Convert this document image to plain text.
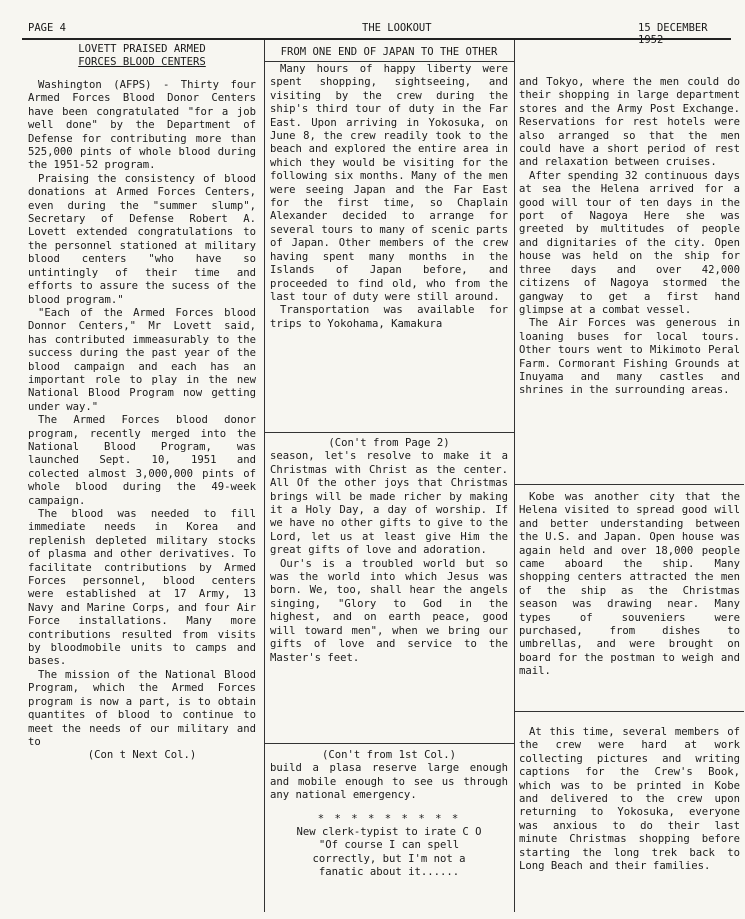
PAGE 4	THE LOOKOUT	15 DECEMBER 1952
LOVETT PRAISED ARMED
FORCES BLOOD CENTERS

Washington (AFPS) - Thirty four Armed Forces Blood Donor Centers have been congratulated "for a job well done" by the Department of Defense for contributing more than 525,000 pints of whole blood during the 1951-52 program.

Praising the consistency of blood donations at Armed Forces Centers, even during the "summer slump", Secretary of Defense Robert A. Lovett extended congratulations to the personnel stationed at military blood centers "who have so untintingly of their time and efforts to assure the sucess of the blood program."

"Each of the Armed Forces blood Donnor Centers," Mr Lovett said, has contributed immeasurably to the success during the past year of the blood campaign and each has an important role to play in the new National Blood Program now getting under way."

The Armed Forces blood donor program, recently merged into the National Blood Program, was launched Sept. 10, 1951 and colected almost 3,000,000 pints of whole blood during the 49-week campaign.

The blood was needed to fill immediate needs in Korea and replenish depleted military stocks of plasma and other derivatives. To facilitate contributions by Armed Forces personnel, blood centers were established at 17 Army, 13 Navy and Marine Corps, and four Air Force installations. Many more contributions resulted from visits by bloodmobile units to camps and bases.

The mission of the National Blood Program, which the Armed Forces program is now a part, is to obtain quantites of blood to continue to meet the needs of our military and to

(Con t Next Col.)
FROM ONE END OF JAPAN TO THE OTHER

Many hours of happy liberty were spent shopping, sightseeing, and visiting by the crew during the ship's third tour of duty in the Far East. Upon arriving in Yokosuka, on June 8, the crew readily took to the beach and explored the entire area in which they would be visiting for the following six months. Many of the men were seeing Japan and the Far East for the first time, so Chaplain Alexander decided to arrange for several tours to many of scenic parts of Japan. Other members of the crew having spent many months in the Islands of Japan before, and proceeded to find old, who from the last tour of duty were still around.

Transportation was available for trips to Yokohama, Kamakura

(Con't from Page 2)

season, let's resolve to make it a Christmas with Christ as the center. All Of the other joys that Christmas brings will be made richer by making it a Holy Day, a day of worship. If we have no other gifts to give to the Lord, let us at least give Him the great gifts of love and adoration.

Our's is a troubled world but so was the world into which Jesus was born. We, too, shall hear the angels singing, "Glory to God in the highest, and on earth peace, good will toward men", when we bring our gifts of love and service to the Master's feet.

(Con't from 1st Col.)

build a plasa reserve large enough and mobile enough to see us through any national emergency.

* * * * * * * * *
New clerk-typist to irate C O
"Of course I can spell
correctly, but I'm not a
fanatic about it......

and Tokyo, where the men could do their shopping in large department stores and the Army Post Exchange. Reservations for rest hotels were also arranged so that the men could have a short period of rest and relaxation between cruises.

After spending 32 continuous days at sea the Helena arrived for a good will tour of ten days in the port of Nagoya Here she was greeted by multitudes of people and dignitaries of the city. Open house was held on the ship for three days and over 42,000 citizens of Nagoya stormed the gangway to get a first hand glimpse at a combat vessel.

The Air Forces was generous in loaning buses for local tours. Other tours went to Mikimoto Peral Farm. Cormorant Fishing Grounds at Inuyama and many castles and shrines in the surrounding areas.

Kobe was another city that the Helena visited to spread good will and better understanding between the U.S. and Japan. Open house was again held and over 18,000 people came aboard the ship. Many shopping centers attracted the men of the ship as the Christmas season was drawing near. Many types of souveniers were purchased, from dishes to umbrellas, and were brought on board for the postman to weigh and mail.

At this time, several members of the crew were hard at work collecting pictures and writing captions for the Crew's Book, which was to be printed in Kobe and delivered to the crew upon returning to Yokosuka, everyone was anxious to do their last minute Christmas shopping before starting the long trek back to Long Beach and their families.
